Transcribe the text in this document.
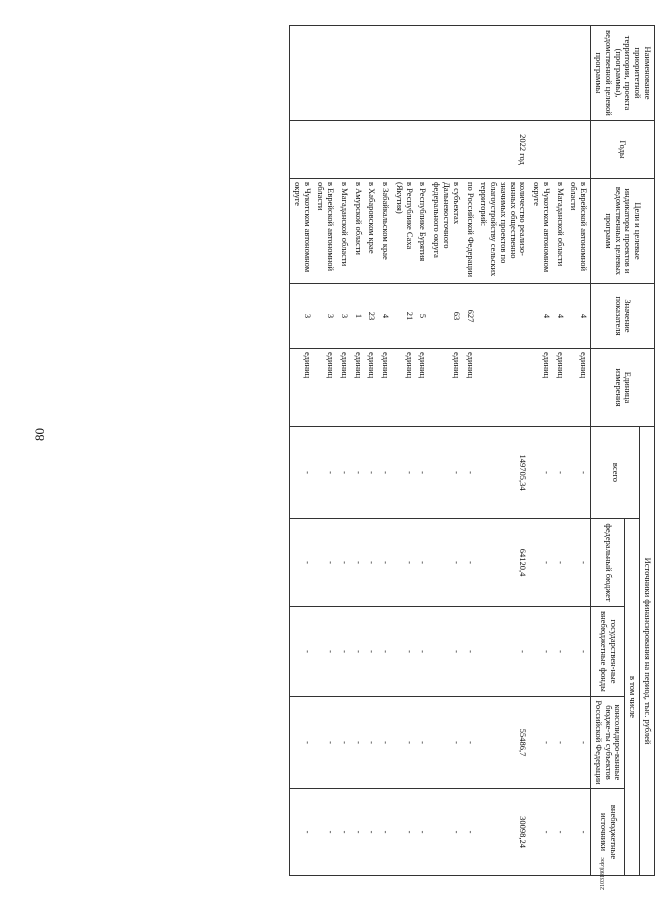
80
2103180l.doc
Наименование приоритетной территории, проекта (программы), ведомственной целевой программы	Годы	Цели и целевые индикаторы проектов и ведомственных целевых программ	Значение показателя	Единица измерения	Источники финансирования на период, тыс. рублей				
					всего	в том числе			
						федеральный бюджет	государствен-ные внебюджетные фонды	консолидиро-ванные бюдже-ты субъектов Российской Федерации	внебюджетные источники
		в Еврейской автономной области	4	единиц	-	-	-	-	-
		в Магаданской области	4	единиц	-	-	-	-	-
		в Чукотском автономном округе	4	единиц	-	-	-	-	-
	2022 год	количество реализо-ванных общественно значимых проектов по благоустройству сельских территорий:			149705,34	64120,4	-	55486,7	30098,24
		по Российской Федерации	627	единиц	-	-	-	-	-
		в субъектах Дальневосточного федерального округа	63	единиц	-	-	-	-	-
		в Республике Бурятия	5	единиц	-	-	-	-	-
		в Республике Саха (Якутия)	21	единиц	-	-	-	-	-
		в Забайкальском крае	4	единиц	-	-	-	-	-
		в Хабаровском крае	23	единиц	-	-	-	-	-
		в Амурской области	1	единиц	-	-	-	-	-
		в Магаданской области	3	единиц	-	-	-	-	-
		в Еврейской автономной области	3	единиц	-	-	-	-	-
		в Чукотском автономном округе	3	единиц	-	-	-	-	-
